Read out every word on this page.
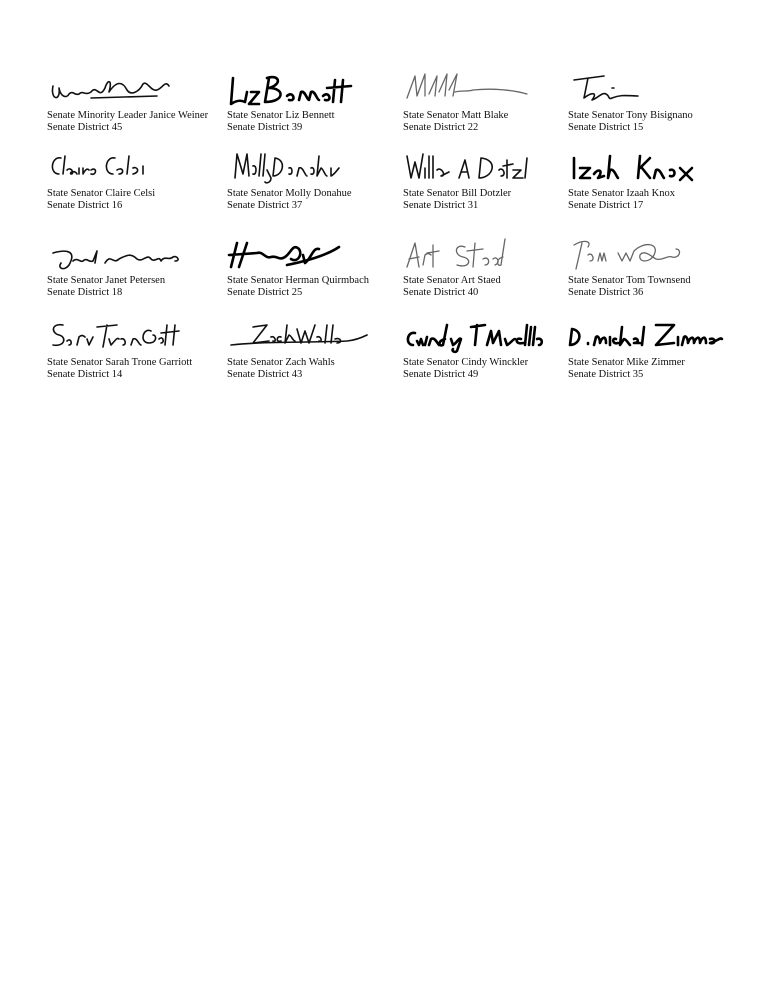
Senate Minority Leader Janice Weiner
Senate District 45
State Senator Liz Bennett
Senate District 39
State Senator Matt Blake
Senate District 22
State Senator Tony Bisignano
Senate District 15
State Senator Claire Celsi
Senate District 16
State Senator Molly Donahue
Senate District 37
State Senator Bill Dotzler
Senate District 31
State Senator Izaah Knox
Senate District 17
State Senator Janet Petersen
Senate District 18
State Senator Herman Quirmbach
Senate District 25
State Senator Art Staed
Senate District 40
State Senator Tom Townsend
Senate District 36
State Senator Sarah Trone Garriott
Senate District 14
State Senator Zach Wahls
Senate District 43
State Senator Cindy Winckler
Senate District 49
State Senator Mike Zimmer
Senate District 35
